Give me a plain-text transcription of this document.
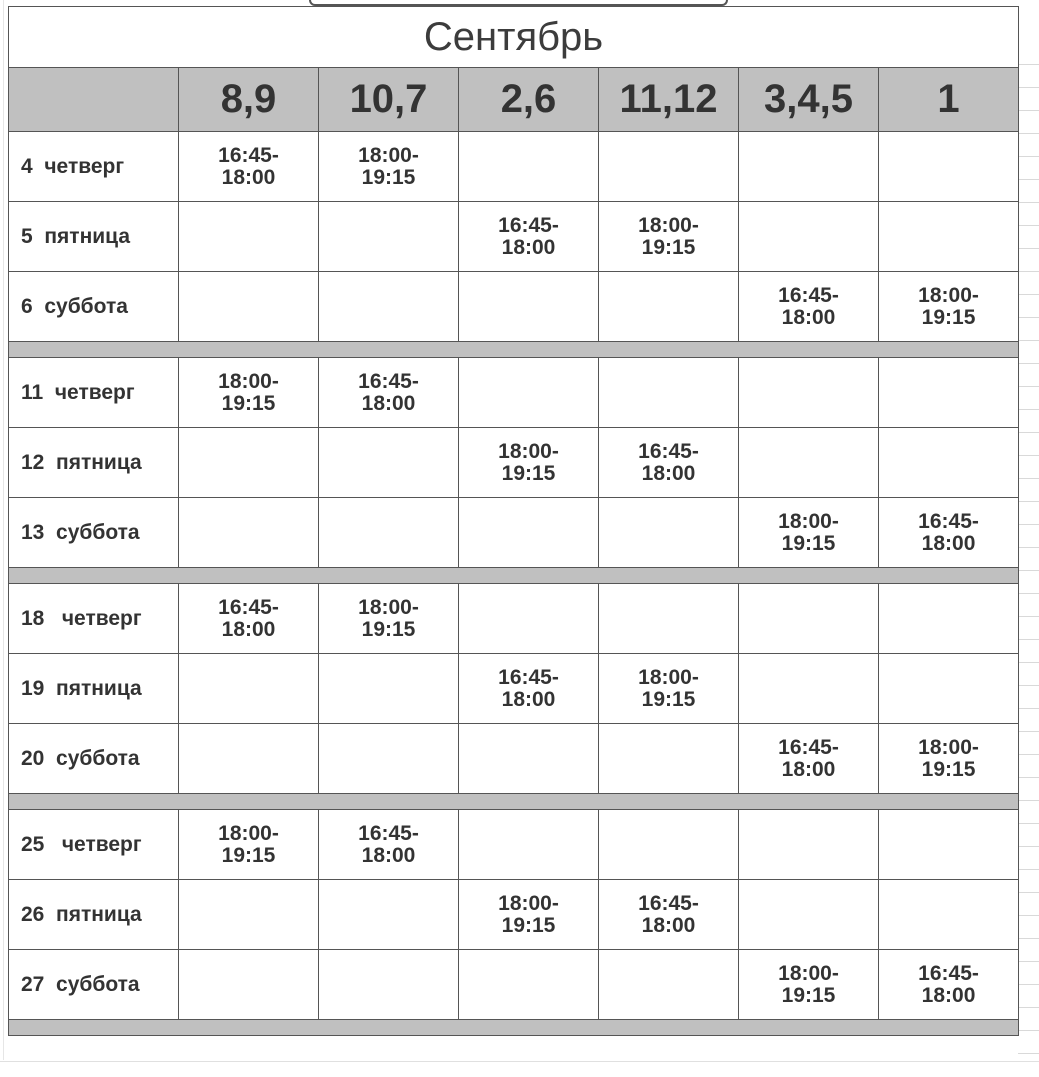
Сентябрь						
	8,9	10,7	2,6	11,12	3,4,5	1
4  четверг	16:45-
18:00	18:00-
19:15				

5  пятница			16:45-
18:00	18:00-
19:15		

6  суббота					16:45-
18:00	18:00-
19:15

11  четверг	18:00-
19:15	16:45-
18:00				

12  пятница			18:00-
19:15	16:45-
18:00		

13  суббота					18:00-
19:15	16:45-
18:00

18   четверг	16:45-
18:00	18:00-
19:15				

19  пятница			16:45-
18:00	18:00-
19:15		

20  суббота					16:45-
18:00	18:00-
19:15

25   четверг	18:00-
19:15	16:45-
18:00				

26  пятница			18:00-
19:15	16:45-
18:00		

27  суббота					18:00-
19:15	16:45-
18:00
